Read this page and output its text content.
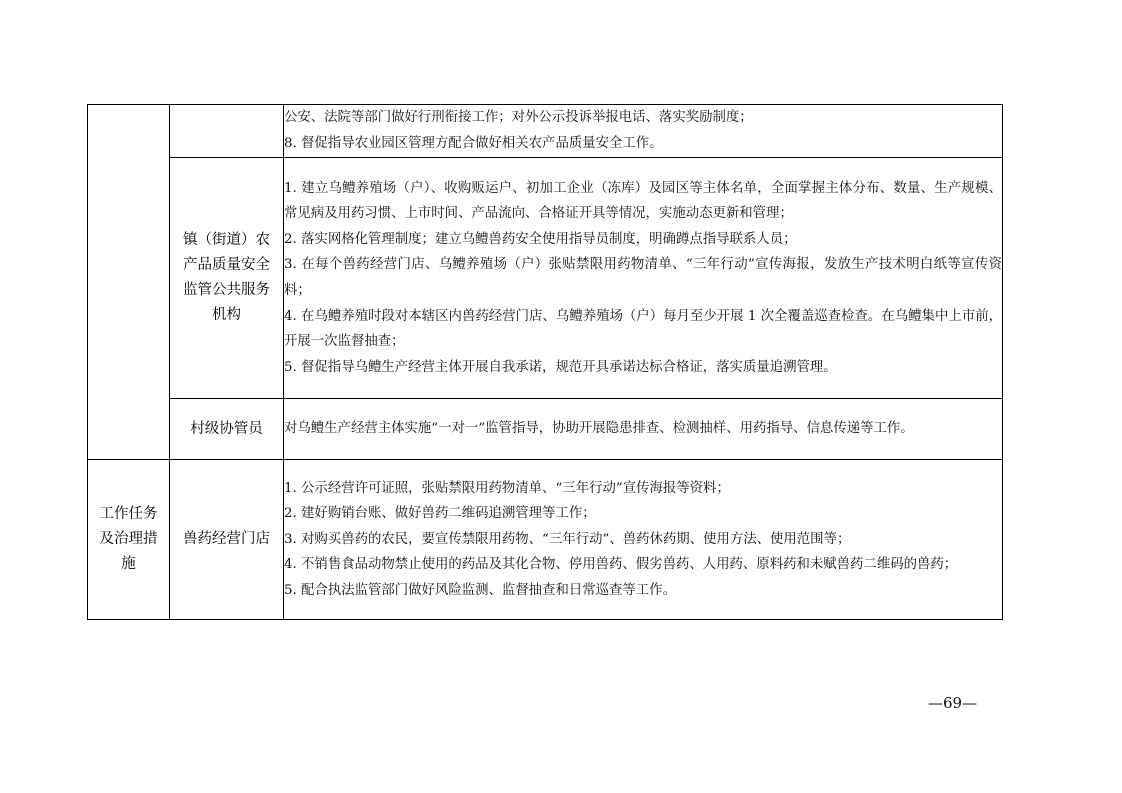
		公安、法院等部门做好行刑衔接工作；对外公示投诉举报电话、落实奖励制度；
8. 督促指导农业园区管理方配合做好相关农产品质量安全工作。

	镇（街道）农产品质量安全监管公共服务机构	1. 建立乌鳢养殖场（户）、收购贩运户、初加工企业（冻库）及园区等主体名单，全面掌握主体分布、数量、生产规模、常见病及用药习惯、上市时间、产品流向、合格证开具等情况，实施动态更新和管理；
2. 落实网格化管理制度；建立乌鳢兽药安全使用指导员制度，明确蹲点指导联系人员；
3. 在每个兽药经营门店、乌鳢养殖场（户）张贴禁限用药物清单、“三年行动”宣传海报，发放生产技术明白纸等宣传资料；
4. 在乌鳢养殖时段对本辖区内兽药经营门店、乌鳢养殖场（户）每月至少开展 1 次全覆盖巡查检查。在乌鳢集中上市前，开展一次监督抽查；
5. 督促指导乌鳢生产经营主体开展自我承诺，规范开具承诺达标合格证，落实质量追溯管理。

	村级协管员	对乌鳢生产经营主体实施“一对一”监管指导，协助开展隐患排查、检测抽样、用药指导、信息传递等工作。

工作任务及治理措施	兽药经营门店	1. 公示经营许可证照，张贴禁限用药物清单、“三年行动”宣传海报等资料；
2. 建好购销台账、做好兽药二维码追溯管理等工作；
3. 对购买兽药的农民，要宣传禁限用药物、“三年行动”、兽药休药期、使用方法、使用范围等；
4. 不销售食品动物禁止使用的药品及其化合物、停用兽药、假劣兽药、人用药、原料药和未赋兽药二维码的兽药；
5. 配合执法监管部门做好风险监测、监督抽查和日常巡查等工作。
—69—
